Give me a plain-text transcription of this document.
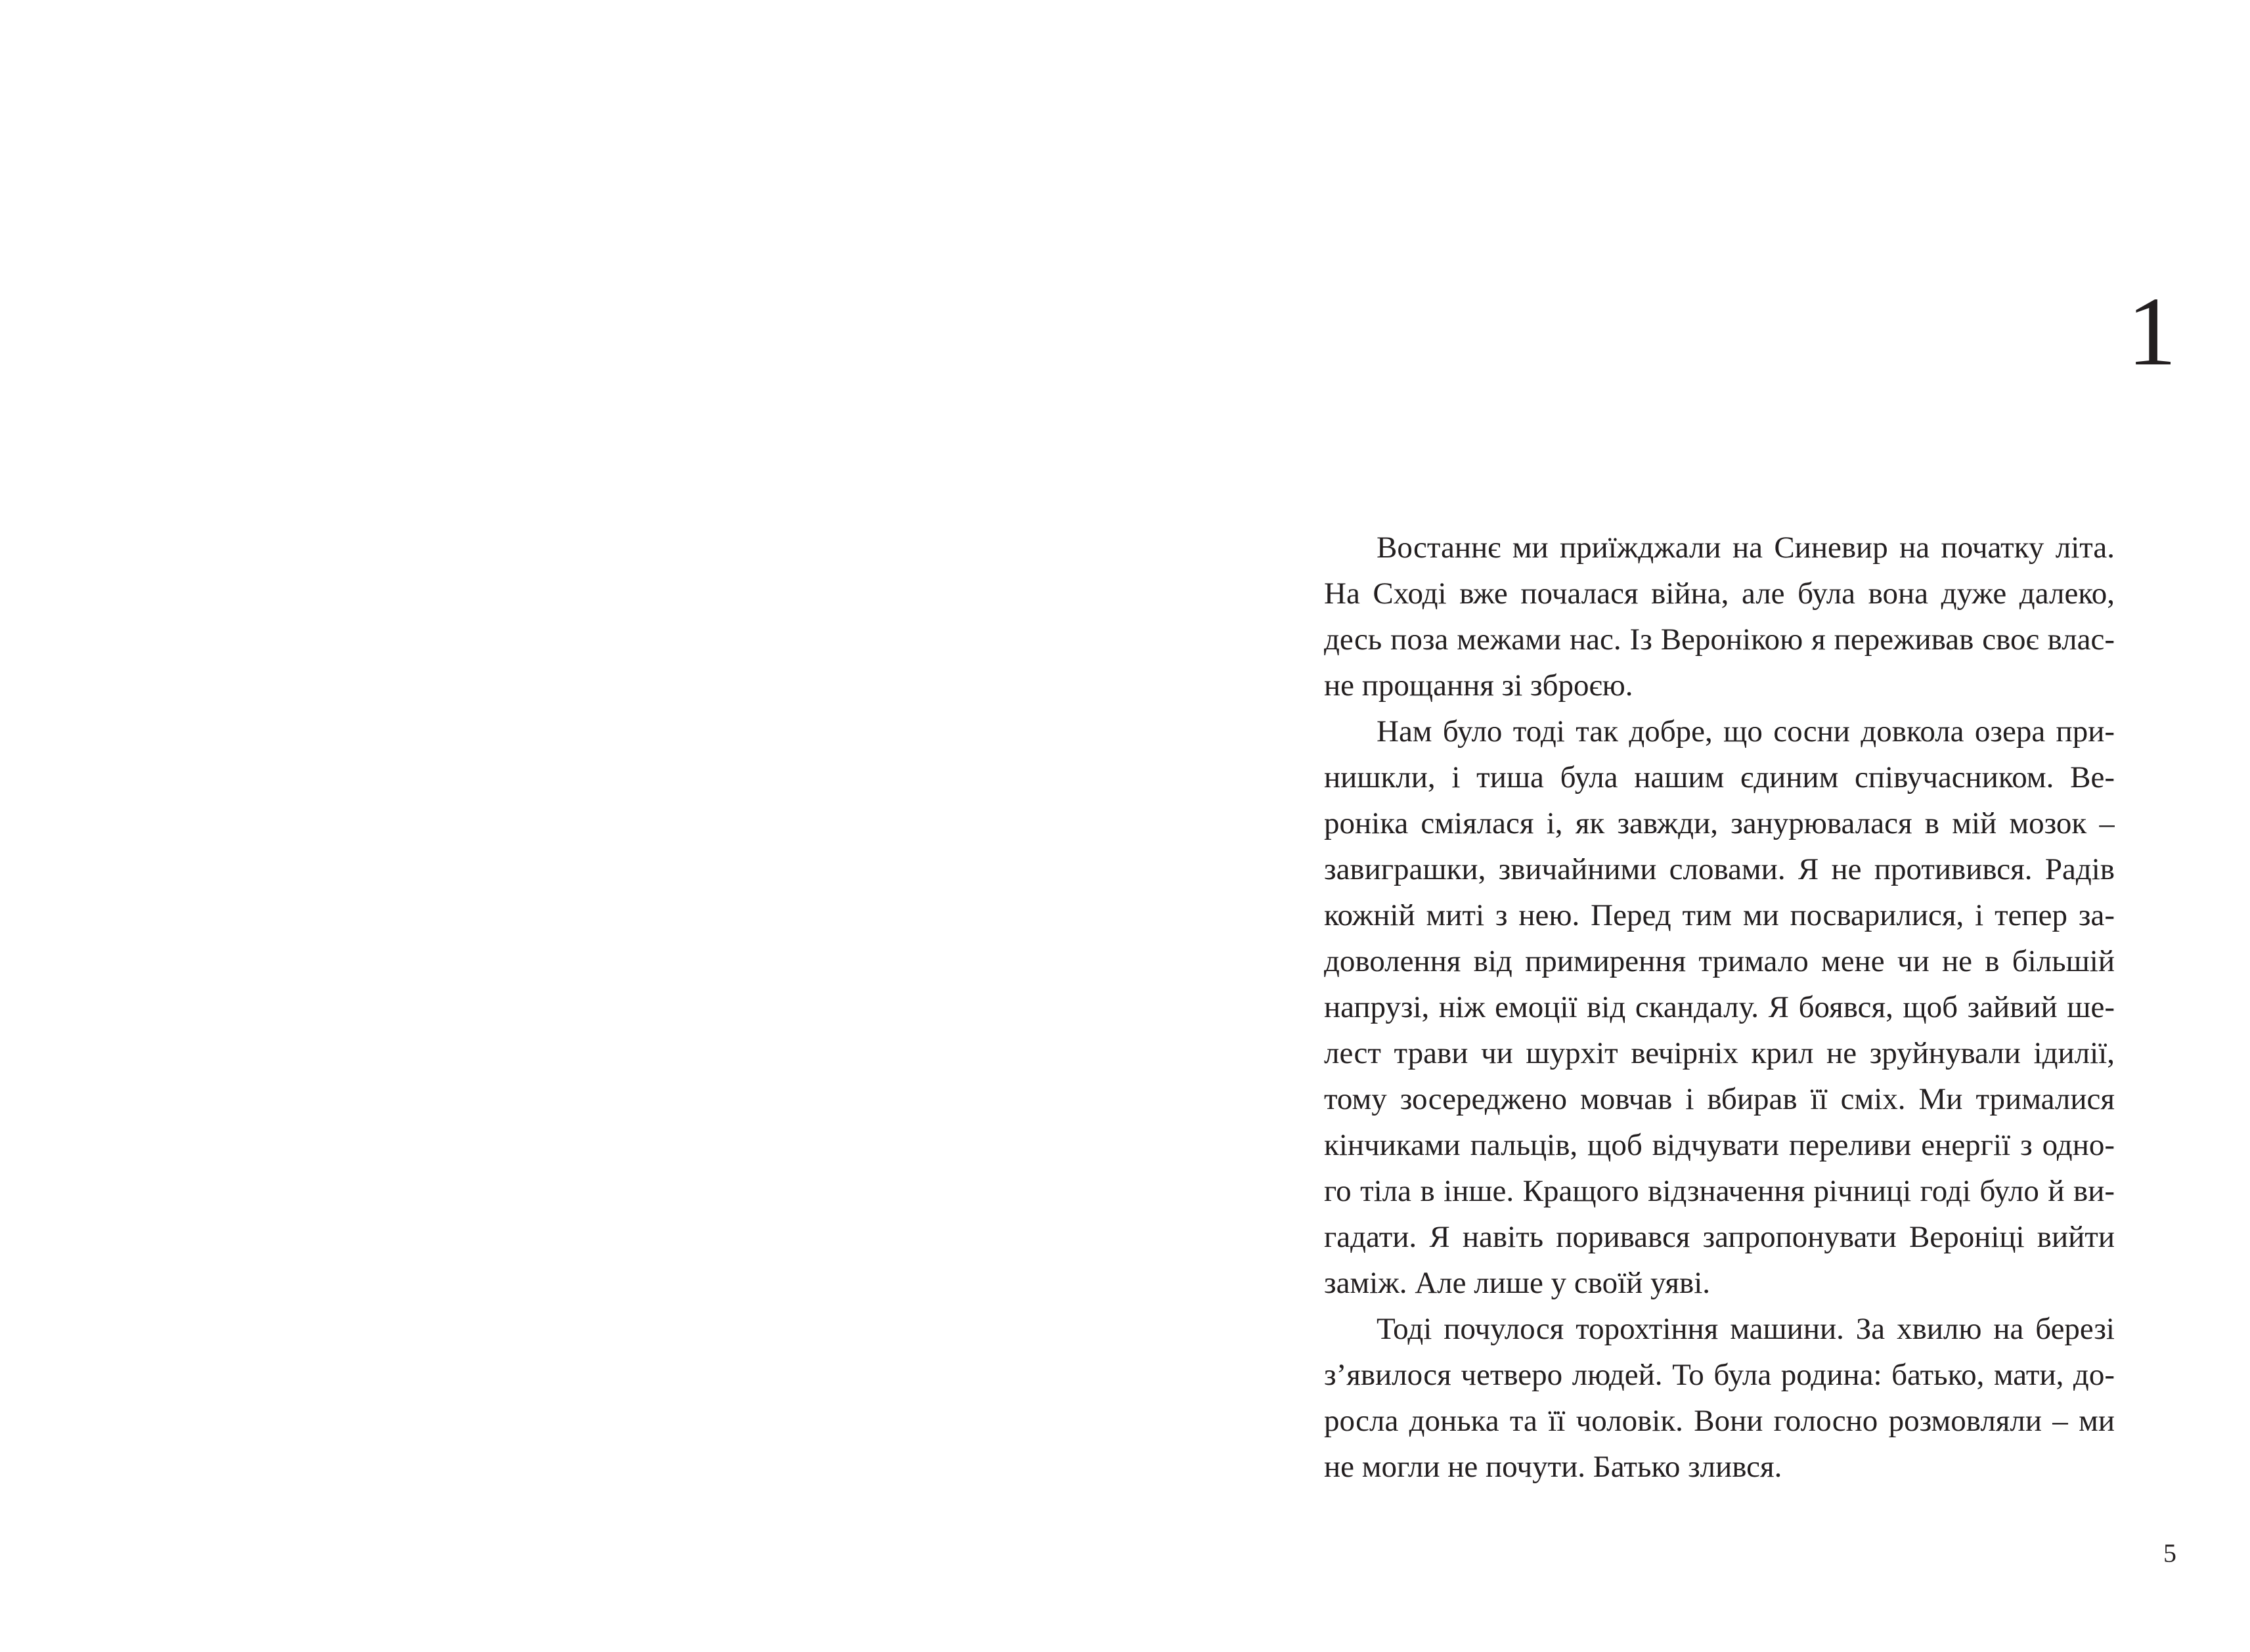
1
Востаннє ми приїжджали на Синевир на початку літа.
На Сході вже почалася війна, але була вона дуже далеко,
десь поза межами нас. Із Веронікою я переживав своє влас-
не прощання зі зброєю.
Нам було тоді так добре, що сосни довкола озера при-
нишкли, і тиша була нашим єдиним співучасником. Ве-
роніка сміялася і, як завжди, занурювалася в мій мозок –
завиграшки, звичайними словами. Я не противився. Радів
кожній миті з нею. Перед тим ми посварилися, і тепер за-
доволення від примирення тримало мене чи не в більшій
напрузі, ніж емоції від скандалу. Я боявся, щоб зайвий ше-
лест трави чи шурхіт вечірніх крил не зруйнували ідилії,
тому зосереджено мовчав і вбирав її сміх. Ми трималися
кінчиками пальців, щоб відчувати переливи енергії з одно-
го тіла в інше. Кращого відзначення річниці годі було й ви-
гадати. Я навіть поривався запропонувати Вероніці вийти
заміж. Але лише у своїй уяві.
Тоді почулося торохтіння машини. За хвилю на березі
з’явилося четверо людей. То була родина: батько, мати, до-
росла донька та її чоловік. Вони голосно розмовляли – ми
не могли не почути. Батько злився.
5
